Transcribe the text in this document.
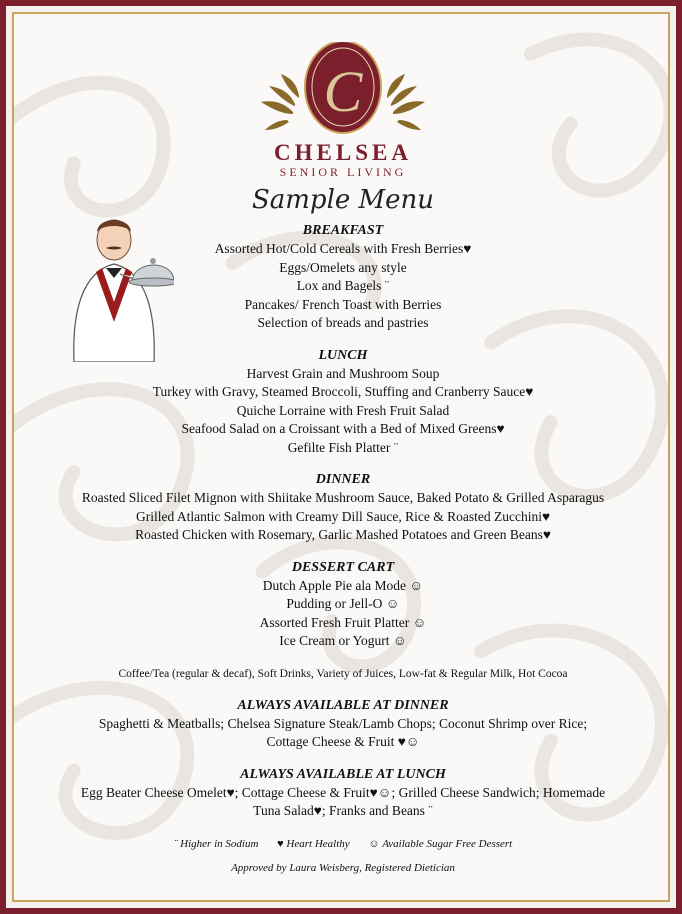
C
CHELSEA
SENIOR LIVING
Sample Menu
BREAKFAST
Assorted Hot/Cold Cereals with Fresh Berries♥
Eggs/Omelets any style
Lox and Bagels ¨
Pancakes/ French Toast with Berries
Selection of breads and pastries
LUNCH
Harvest Grain and Mushroom Soup
Turkey with Gravy, Steamed Broccoli, Stuffing and Cranberry Sauce♥
Quiche Lorraine with Fresh Fruit Salad
Seafood Salad on a Croissant with a Bed of Mixed Greens♥
Gefilte Fish Platter ¨
DINNER
Roasted Sliced Filet Mignon with Shiitake Mushroom Sauce, Baked Potato & Grilled Asparagus
Grilled Atlantic Salmon with Creamy Dill Sauce, Rice & Roasted Zucchini♥
Roasted Chicken with Rosemary, Garlic Mashed Potatoes and Green Beans♥
DESSERT CART
Dutch Apple Pie ala Mode ☺
Pudding or Jell-O ☺
Assorted Fresh Fruit Platter ☺
Ice Cream or Yogurt ☺
Coffee/Tea (regular & decaf), Soft Drinks, Variety of Juices, Low-fat & Regular Milk, Hot Cocoa
ALWAYS AVAILABLE AT DINNER
Spaghetti & Meatballs; Chelsea Signature Steak/Lamb Chops; Coconut Shrimp over Rice;
Cottage Cheese & Fruit ♥☺
ALWAYS AVAILABLE AT LUNCH
Egg Beater Cheese Omelet♥; Cottage Cheese & Fruit♥☺; Grilled Cheese Sandwich; Homemade
Tuna Salad♥; Franks and Beans ¨
¨ Higher in Sodium ♥ Heart Healthy ☺ Available Sugar Free Dessert
Approved by Laura Weisberg, Registered Dietician
